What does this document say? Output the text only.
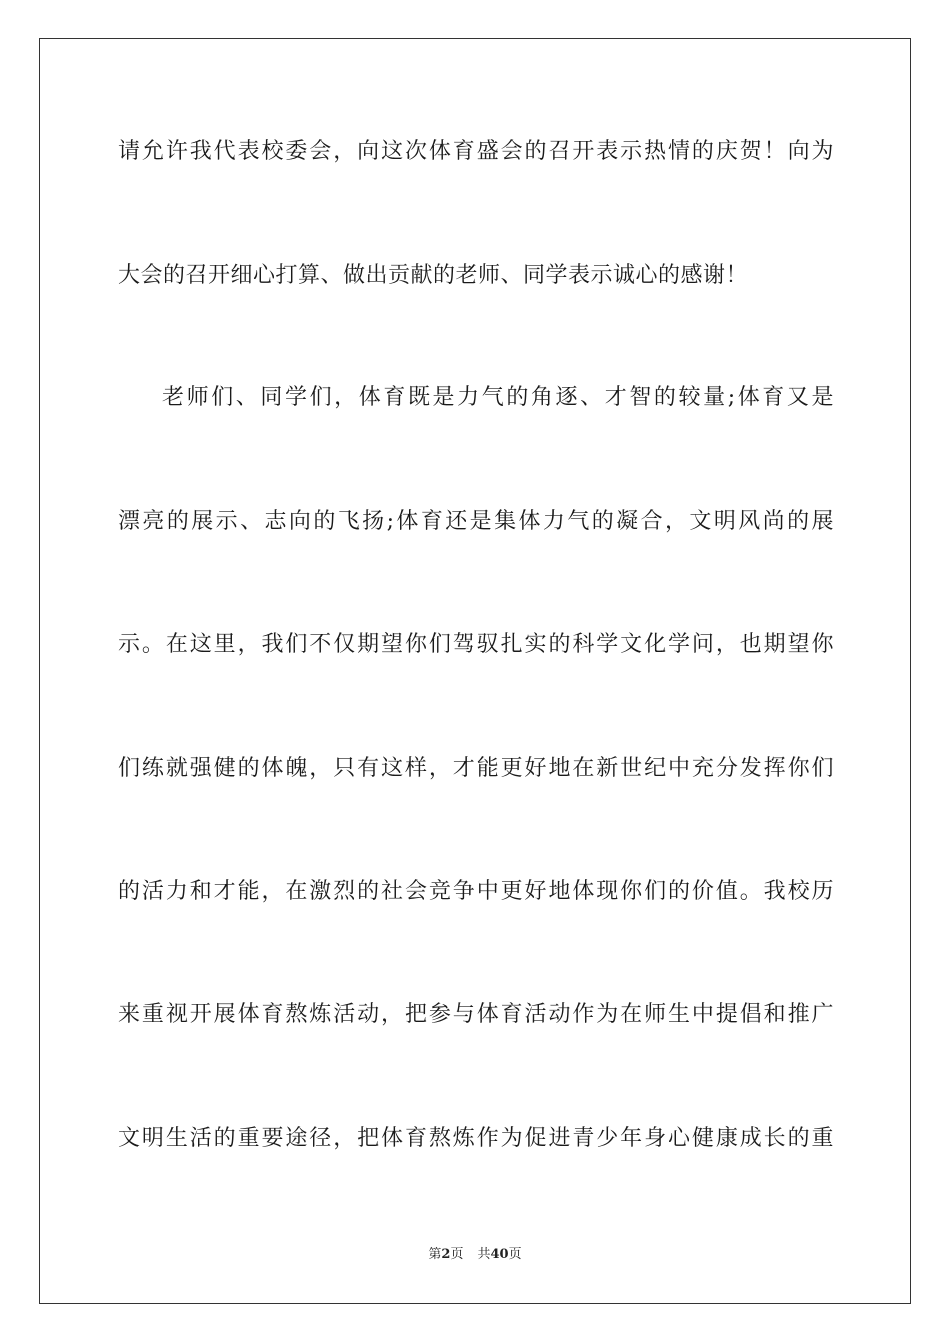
请允许我代表校委会，向这次体育盛会的召开表示热情的庆贺！向为
大会的召开细心打算、做出贡献的老师、同学表示诚心的感谢！
老师们、同学们，体育既是力气的角逐、才智的较量;体育又是
漂亮的展示、志向的飞扬;体育还是集体力气的凝合，文明风尚的展
示。在这里，我们不仅期望你们驾驭扎实的科学文化学问，也期望你
们练就强健的体魄，只有这样，才能更好地在新世纪中充分发挥你们
的活力和才能，在激烈的社会竞争中更好地体现你们的价值。我校历
来重视开展体育熬炼活动，把参与体育活动作为在师生中提倡和推广
文明生活的重要途径，把体育熬炼作为促进青少年身心健康成长的重
第2页 共40页
